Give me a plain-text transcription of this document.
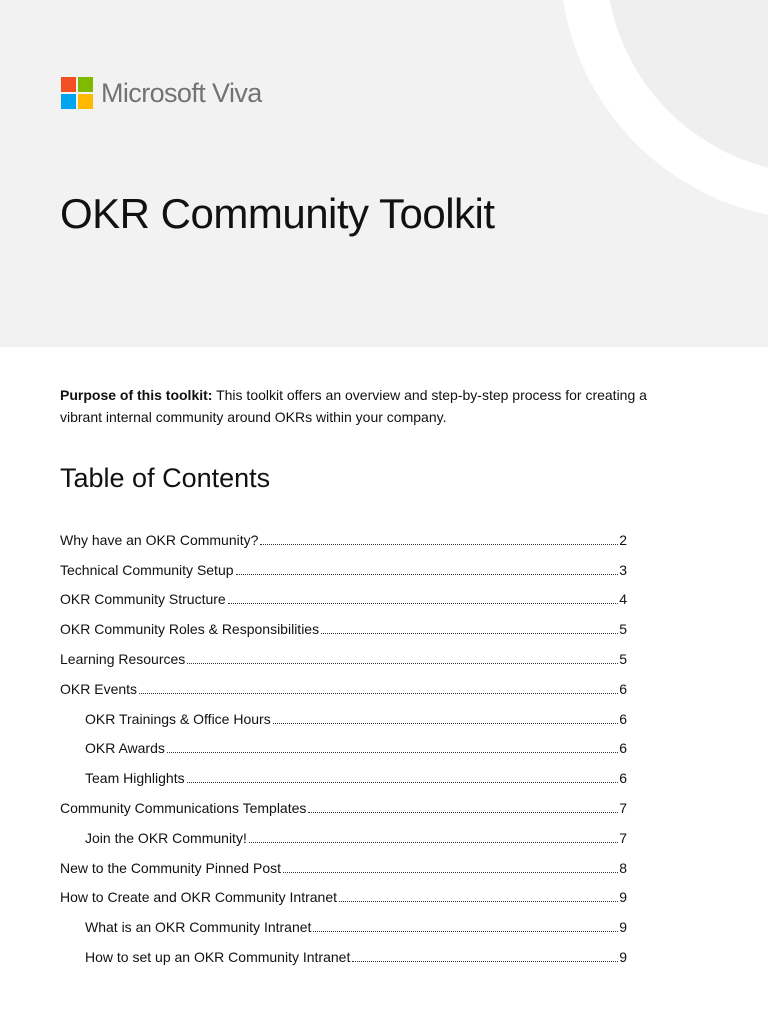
Microsoft Viva
OKR Community Toolkit

Purpose of this toolkit: This toolkit offers an overview and step-by-step process for creating a vibrant internal community around OKRs within your company.

Table of Contents
Why have an OKR Community?	2
Technical Community Setup	3
OKR Community Structure	4
OKR Community Roles & Responsibilities	5
Learning Resources	5
OKR Events	6
OKR Trainings & Office Hours	6
OKR Awards	6
Team Highlights	6
Community Communications Templates	7
Join the OKR Community!	7
New to the Community Pinned Post	8
How to Create and OKR Community Intranet	9
What is an OKR Community Intranet	9
How to set up an OKR Community Intranet	9
